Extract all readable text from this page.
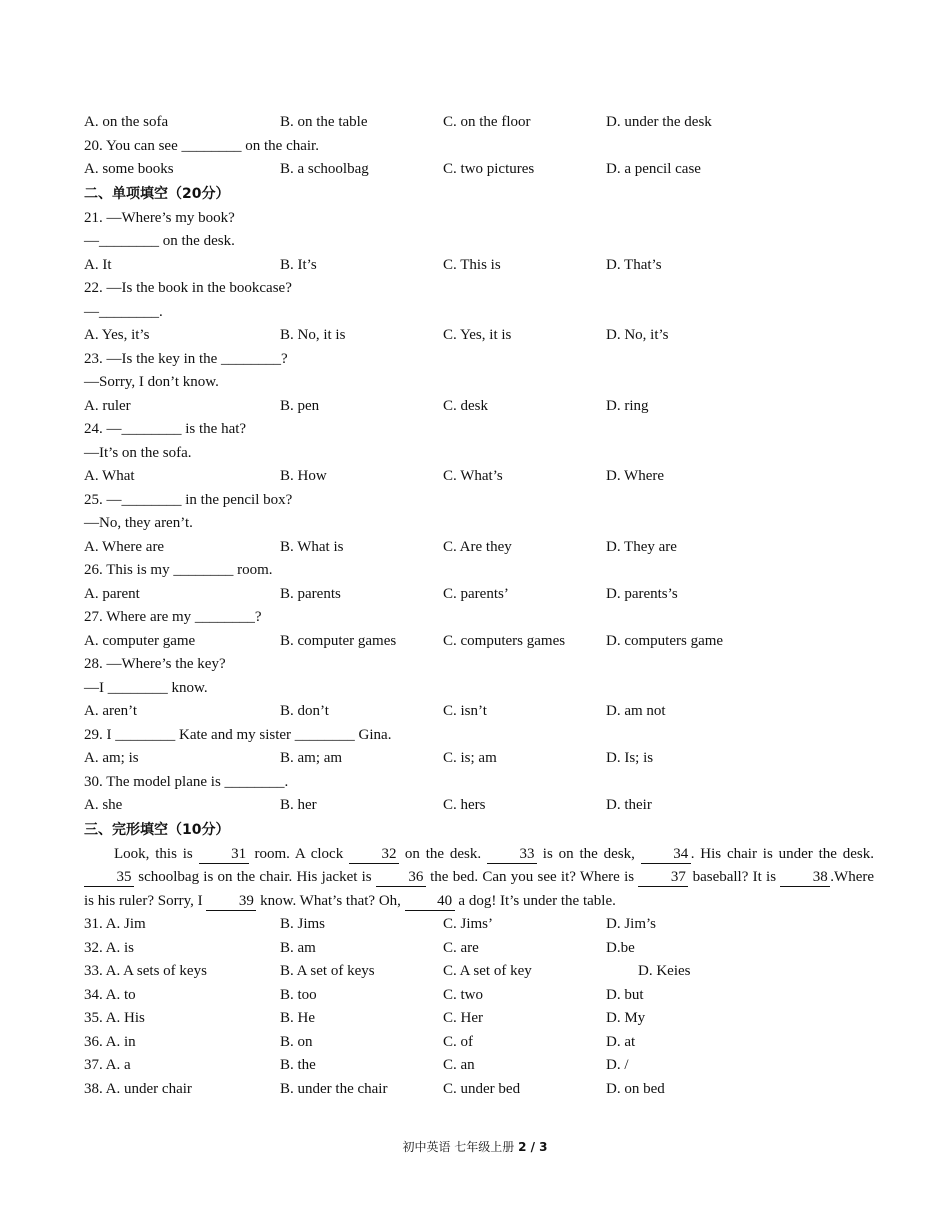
A. on the sofa	B. on the table	C. on the floor	D. under the desk
20. You can see ________ on the chair.
A. some books	B. a schoolbag	C. two pictures	D. a pencil case
二、单项填空（20分）
21. —Where’s my book?
—________ on the desk.
A. It	B. It’s	C. This is	D. That’s
22. —Is the book in the bookcase?
—________.
A. Yes, it’s	B. No, it is	C. Yes, it is	D. No, it’s
23. —Is the key in the ________?
—Sorry, I don’t know.
A. ruler	B. pen	C. desk	D. ring
24. —________ is the hat?
—It’s on the sofa.
A. What	B. How	C. What’s	D. Where
25. —________ in the pencil box?
—No, they aren’t.
A. Where are	B. What is	C. Are they	D. They are
26. This is my ________ room.
A. parent	B. parents	C. parents’	D. parents’s
27. Where are my ________?
A. computer game	B. computer games	C. computers games	D. computers game
28. —Where’s the key?
—I ________ know.
A. aren’t	B. don’t	C. isn’t	D. am not
29. I ________ Kate and my sister ________ Gina.
A. am; is	B. am; am	C. is; am	D. Is; is
30. The model plane is ________.
A. she	B. her	C. hers	D. their
三、完形填空（10分）

Look, this is 31 room. A clock 32 on the desk. 33 is on the desk, 34 . His chair is under the desk. 35 schoolbag is on the chair. His jacket is 36 the bed. Can you see it? Where is 37 baseball? It is 38 .Where is his ruler? Sorry, I 39 know. What’s that? Oh, 40 a dog! It’s under the table.

31. A. Jim	B. Jims	C. Jims’	D. Jim’s
32. A. is	B. am	C. are	D.be
33. A. A sets of keys	B. A set of keys	C. A set of key	D. Keies
34. A. to	B. too	C. two	D. but
35. A. His	B. He	C. Her	D. My
36. A. in	B. on	C. of	D. at
37. A. a	B. the	C. an	D. /
38. A. under chair	B. under the chair	C. under bed	D. on bed
初中英语 七年级上册 2 / 3
